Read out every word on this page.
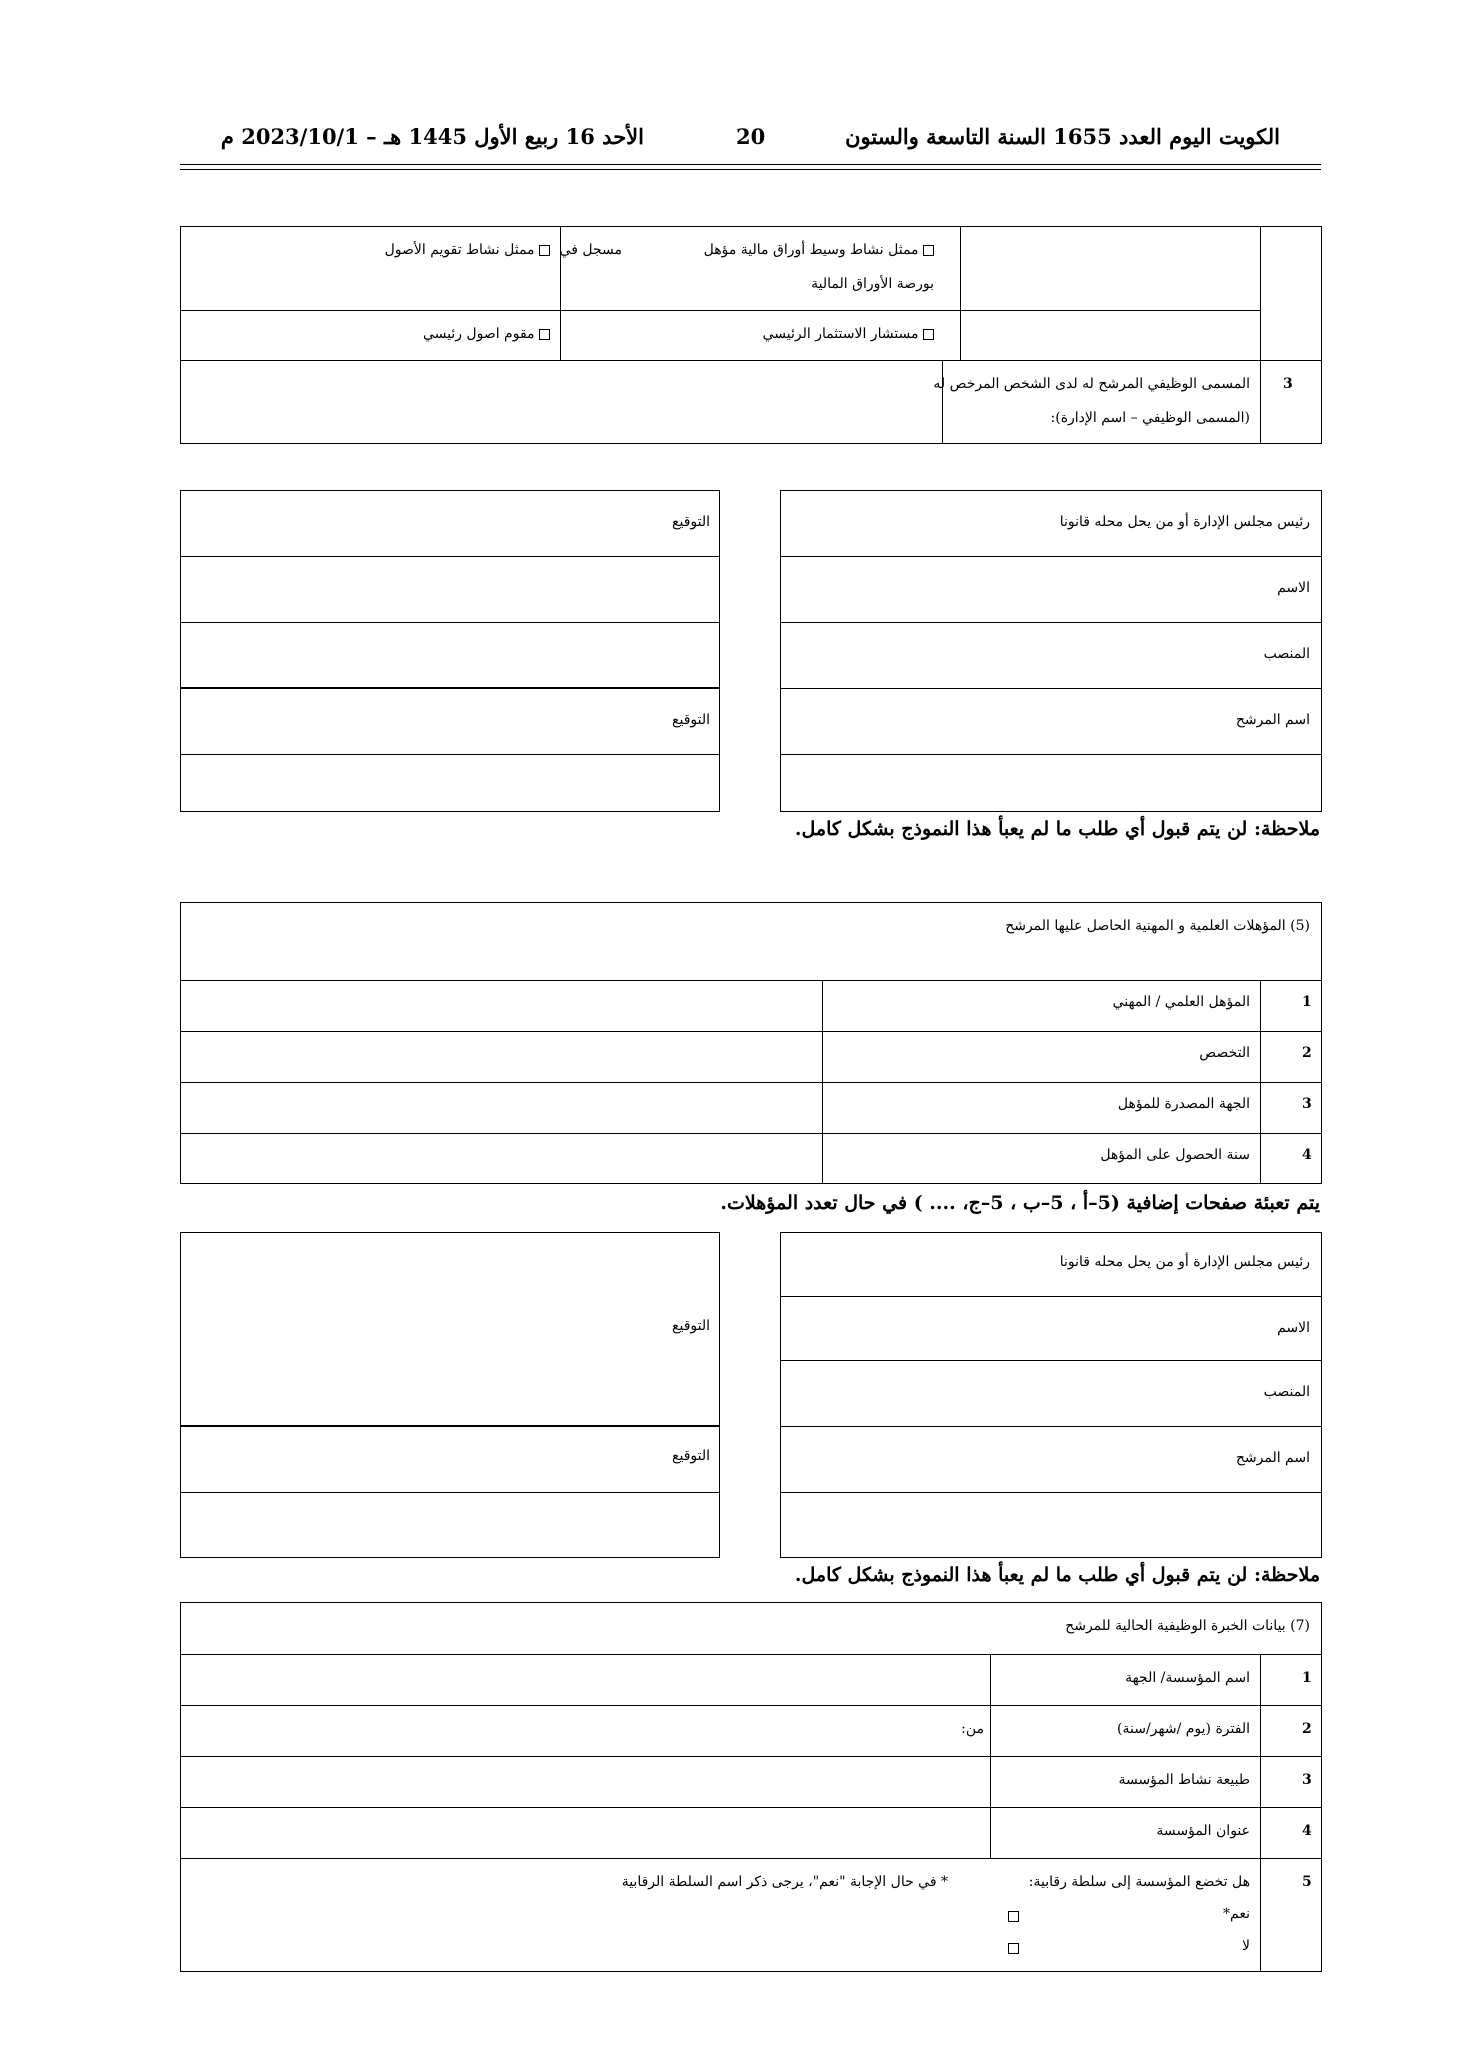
الكويت اليوم العدد 1655 السنة التاسعة والستون
20
الأحد 16 ربيع الأول 1445 هـ – 2023/10/1 م
ممثل نشاط وسيط أوراق مالية مؤهل
مسجل في
بورصة الأوراق المالية
ممثل نشاط تقويم الأصول
مستشار الاستثمار الرئيسي
مقوم اصول رئيسي
3
المسمى الوظيفي المرشح له لدى الشخص المرخص له
(المسمى الوظيفي – اسم الإدارة):
رئيس مجلس الإدارة أو من يحل محله قانونا
الاسم
المنصب
اسم المرشح
التوقيع
التوقيع
ملاحظة: لن يتم قبول أي طلب ما لم يعبأ هذا النموذج بشكل كامل.
(5) المؤهلات العلمية و المهنية الحاصل عليها المرشح
1
المؤهل العلمي / المهني
2
التخصص
3
الجهة المصدرة للمؤهل
4
سنة الحصول على المؤهل
يتم تعبئة صفحات إضافية (5–أ ، 5–ب ، 5–ج، .... ) في حال تعدد المؤهلات.
رئيس مجلس الإدارة أو من يحل محله قانونا
الاسم
المنصب
اسم المرشح
التوقيع
التوقيع
ملاحظة: لن يتم قبول أي طلب ما لم يعبأ هذا النموذج بشكل كامل.
(7) بيانات الخبرة الوظيفية الحالية للمرشح
1
اسم المؤسسة/ الجهة
2
الفترة (يوم /شهر/سنة)
من:
3
طبيعة نشاط المؤسسة
4
عنوان المؤسسة
5
هل تخضع المؤسسة إلى سلطة رقابية:
نعم*
لا
* في حال الإجابة "نعم"، يرجى ذكر اسم السلطة الرقابية
